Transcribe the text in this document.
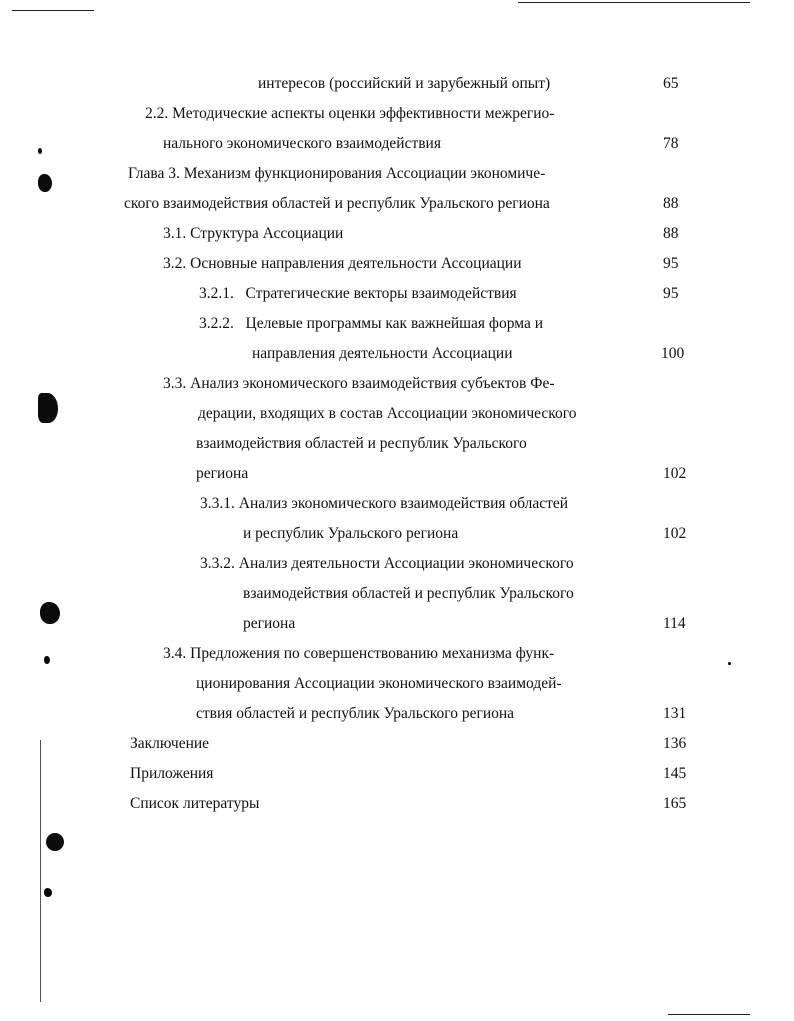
интересов (российский и зарубежный опыт)	65
2.2. Методические аспекты оценки эффективности межрегио-
нального экономического взаимодействия	78
Глава 3. Механизм функционирования Ассоциации экономиче-
ского взаимодействия областей и республик Уральского региона	88
3.1. Структура Ассоциации	88
3.2. Основные направления деятельности Ассоциации	95
3.2.1.   Стратегические векторы взаимодействия	95
3.2.2.   Целевые программы как важнейшая форма и
направления деятельности Ассоциации	100
3.3. Анализ экономического взаимодействия субъектов Фе-
дерации, входящих в состав Ассоциации экономического
взаимодействия областей и республик Уральского
региона	102
3.3.1. Анализ экономического взаимодействия областей
и республик Уральского региона	102
3.3.2. Анализ деятельности Ассоциации экономического
взаимодействия областей и республик Уральского
региона	114
3.4. Предложения по совершенствованию механизма функ-
ционирования Ассоциации экономического взаимодей-
ствия областей и республик Уральского региона	131
Заключение	136
Приложения	145
Список литературы	165
